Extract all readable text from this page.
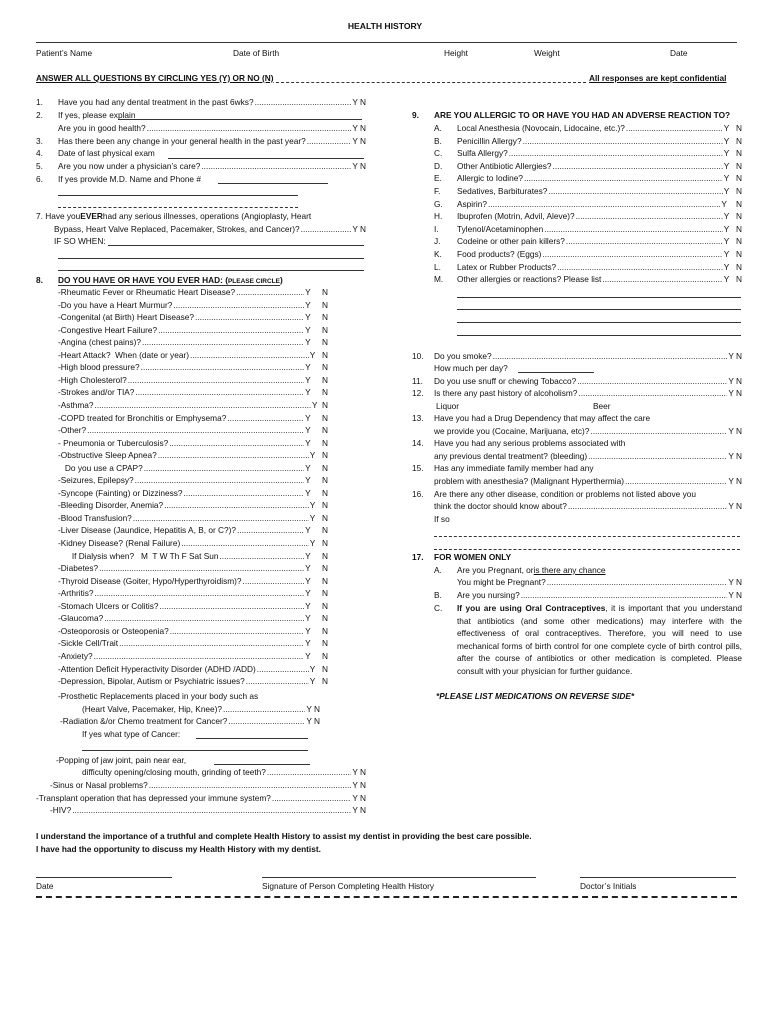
HEALTH HISTORY
Patient’s Name	Date of Birth	Height	Weight	Date
ANSWER ALL QUESTIONS BY CIRCLING YES (Y) OR NO (N)	All responses are kept confidential
1.	Have you had any dental treatment in the past 6wks? .....	Y N
2.	If yes, please explain
Are you in good health? .....	Y N
3.	Has there been any change in your general health in the past year? .....	Y N
4.	Date of last physical exam
5.	Are you now under a physician’s care? .....	Y N
6.	If yes provide M.D. Name and Phone #
7. Have you EVER had any serious illnesses, operations (Angioplasty, Heart
Bypass, Heart Valve Replaced, Pacemaker, Strokes, and Cancer)? .....	Y N
IF SO WHEN:
8.	DO YOU HAVE OR HAVE YOU EVER HAD: ( PLEASE CIRCLE )
-Rheumatic Fever or Rheumatic Heart Disease? .....	Y     N
-Do you have a Heart Murmur? .....	Y     N
-Congenital (at Birth) Heart Disease? .....	Y     N
-Congestive Heart Failure? .....	Y     N
-Angina (chest pains)? .....	Y     N
-Heart Attack?  When (date or year) .....	Y   N
-High blood pressure? .....	Y     N
-High Cholesterol? .....	Y     N
-Strokes and/or TIA? .....	Y     N
-Asthma? .....	Y  N
-COPD treated for Bronchitis or Emphysema? .....	Y     N
-Other? .....	Y     N
- Pneumonia or Tuberculosis? .....	Y     N
-Obstructive Sleep Apnea? .....	Y   N
Do you use a CPAP? .....	Y     N
-Seizures, Epilepsy? .....	Y     N
-Syncope (Fainting) or Dizziness? .....	Y     N
-Bleeding Disorder, Anemia? .....	Y   N
-Blood Transfusion? .....	Y   N
-Liver Disease (Jaundice, Hepatitis A, B, or C?)? .....	Y     N
-Kidney Disease? (Renal Failure) .....	Y   N
If Dialysis when?   M  T W Th F Sat Sun .....	Y     N
-Diabetes? .....	Y     N
-Thyroid Disease (Goiter, Hypo/Hyperthyroidism)? .....	Y     N
-Arthritis? .....	Y     N
-Stomach Ulcers or Colitis? .....	Y     N
-Glaucoma? .....	Y     N
-Osteoporosis or Osteopenia? .....	Y     N
-Sickle Cell/Trait .....	Y     N
-Anxiety? .....	Y     N
-Attention Deficit Hyperactivity Disorder (ADHD /ADD) .....	Y   N
-Depression, Bipolar, Autism or Psychiatric issues? .....	Y   N
-Prosthetic Replacements placed in your body such as
(Heart Valve, Pacemaker, Hip, Knee)? .....	Y N
-Radiation &/or Chemo treatment for Cancer? .....	Y N
If yes what type of Cancer:
-Popping of jaw joint, pain near ear,
difficulty opening/closing mouth, grinding of teeth? .....	Y N
-Sinus or Nasal problems? .....	Y N
-Transplant operation that has depressed your immune system? .....	Y N
-HIV? .....	Y N
9.	ARE YOU ALLERGIC TO OR HAVE YOU HAD AN ADVERSE REACTION TO?
A.	Local Anesthesia (Novocain, Lidocaine, etc.)? .....	Y   N
B.	Penicillin Allergy? .....	Y   N
C.	Sulfa Allergy? .....	Y   N
D.	Other Antibiotic Allergies? .....	Y   N
E.	Allergic to Iodine? .....	Y   N
F.	Sedatives, Barbiturates? .....	Y   N
G.	Aspirin? .....	Y    N
H.	Ibuprofen (Motrin, Advil, Aleve)? .....	Y   N
I.	Tylenol/Acetaminophen .....	Y   N
J.	Codeine or other pain killers? .....	Y   N
K.	Food products? (Eggs) .....	Y   N
L.	Latex or Rubber Products? .....	Y   N
M.	Other allergies or reactions? Please list .....	Y   N
10.	Do you smoke? .....	Y N
How much per day?
11.	Do you use snuff or chewing Tobacco? .....	Y N
12.	Is there any past history of alcoholism? .....	Y N
Liquor	Beer
13.	Have you had a Drug Dependency that may affect the care
we provide you (Cocaine, Marijuana, etc)? .....	Y N
14.	Have you had any serious problems associated with
any previous dental treatment? (bleeding) .....	Y N
15.	Has any immediate family member had any
problem with anesthesia? (Malignant Hyperthermia) .....	Y N
16.	Are there any other disease, condition or problems not listed above you
think the doctor should know about? .....	Y N
If so
17.	FOR WOMEN ONLY
A.	Are you Pregnant, or is there any chance
You might be Pregnant? .....	Y N
B.	Are you nursing? .....	Y N
C. If you are using Oral Contraceptives, it is important that you understand that antibiotics (and some other medications) may interfere with the effectiveness of oral contraceptives. Therefore, you will need to use mechanical forms of birth control for one complete cycle of birth control pills, after the course of antibiotics or other medication is completed. Please consult with your physician for further guidance.
*PLEASE LIST MEDICATIONS ON REVERSE SIDE*
I understand the importance of a truthful and complete Health History to assist my dentist in providing the best care possible.
I have had the opportunity to discuss my Health History with my dentist.
Date	Signature of Person Completing Health History	Doctor’s Initials
